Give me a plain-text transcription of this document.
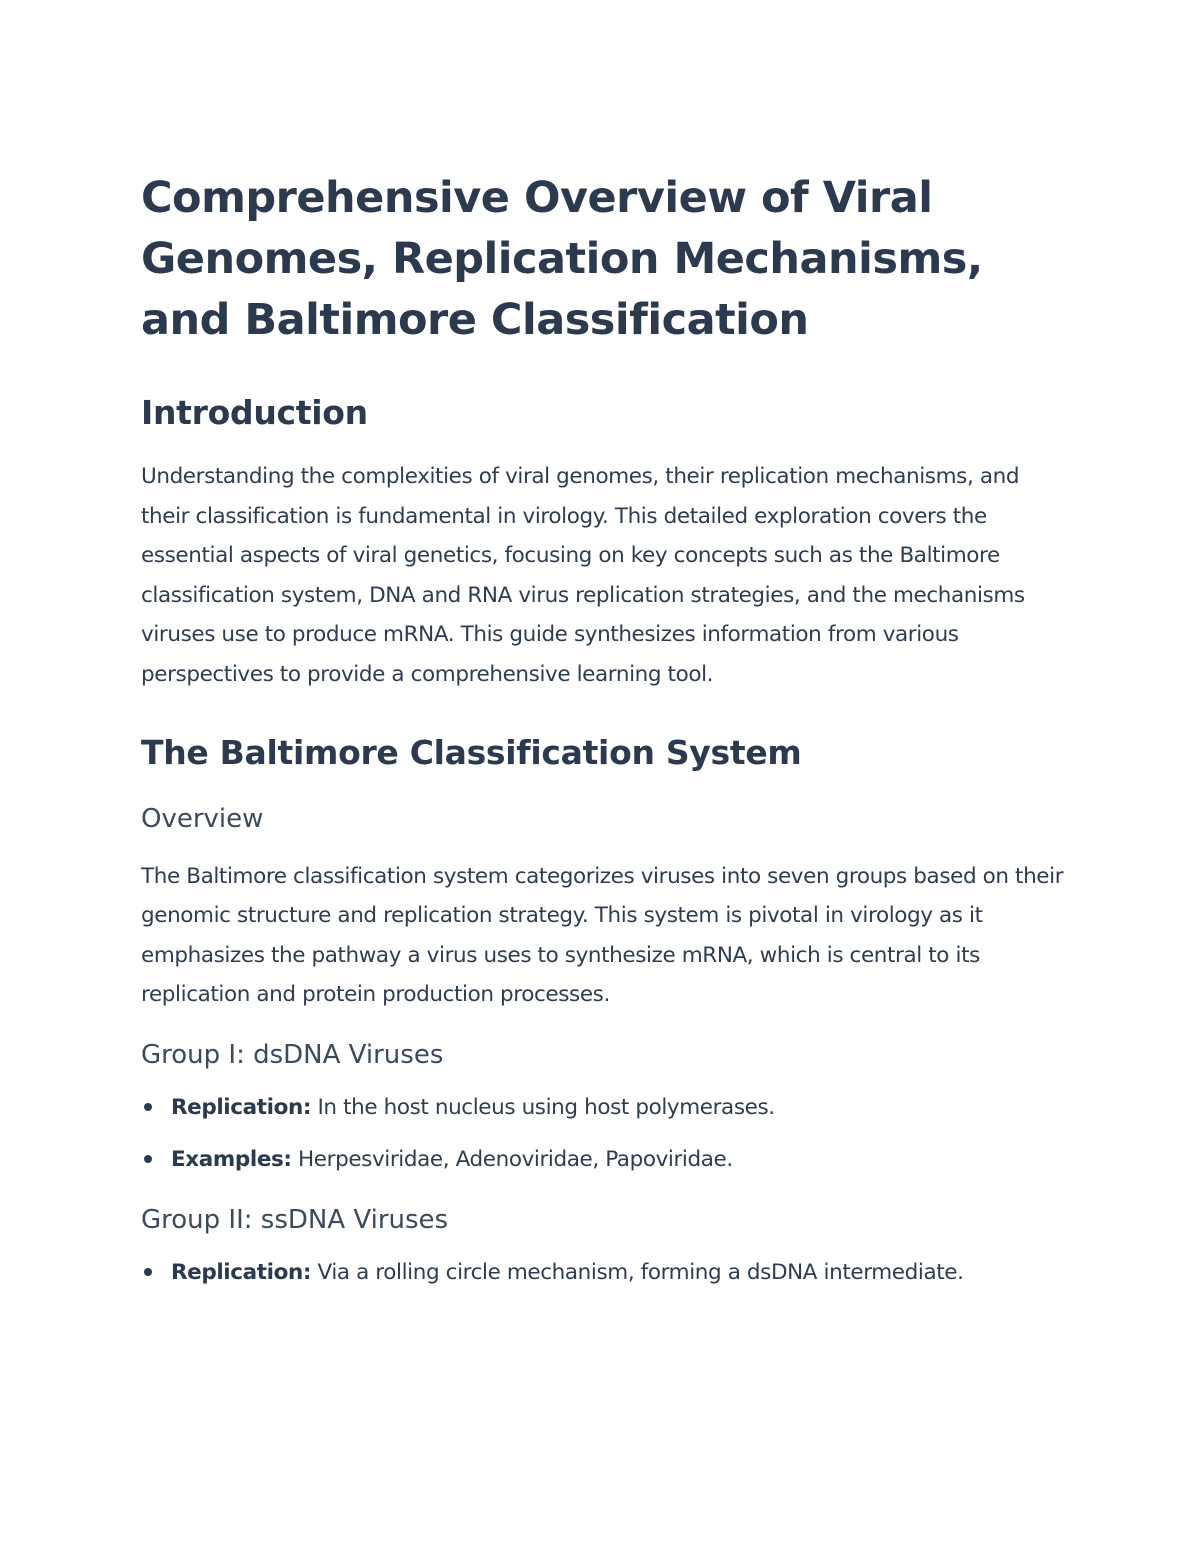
Comprehensive Overview of Viral Genomes, Replication Mechanisms, and Baltimore Classification
Introduction

Understanding the complexities of viral genomes, their replication mechanisms, and their classification is fundamental in virology. This detailed exploration covers the essential aspects of viral genetics, focusing on key concepts such as the Baltimore classification system, DNA and RNA virus replication strategies, and the mechanisms viruses use to produce mRNA. This guide synthesizes information from various perspectives to provide a comprehensive learning tool.

The Baltimore Classification System
Overview

The Baltimore classification system categorizes viruses into seven groups based on their genomic structure and replication strategy. This system is pivotal in virology as it emphasizes the pathway a virus uses to synthesize mRNA, which is central to its replication and protein production processes.

Group I: dsDNA Viruses
Replication: In the host nucleus using host polymerases.
Examples: Herpesviridae, Adenoviridae, Papoviridae.
Group II: ssDNA Viruses
Replication: Via a rolling circle mechanism, forming a dsDNA intermediate.
